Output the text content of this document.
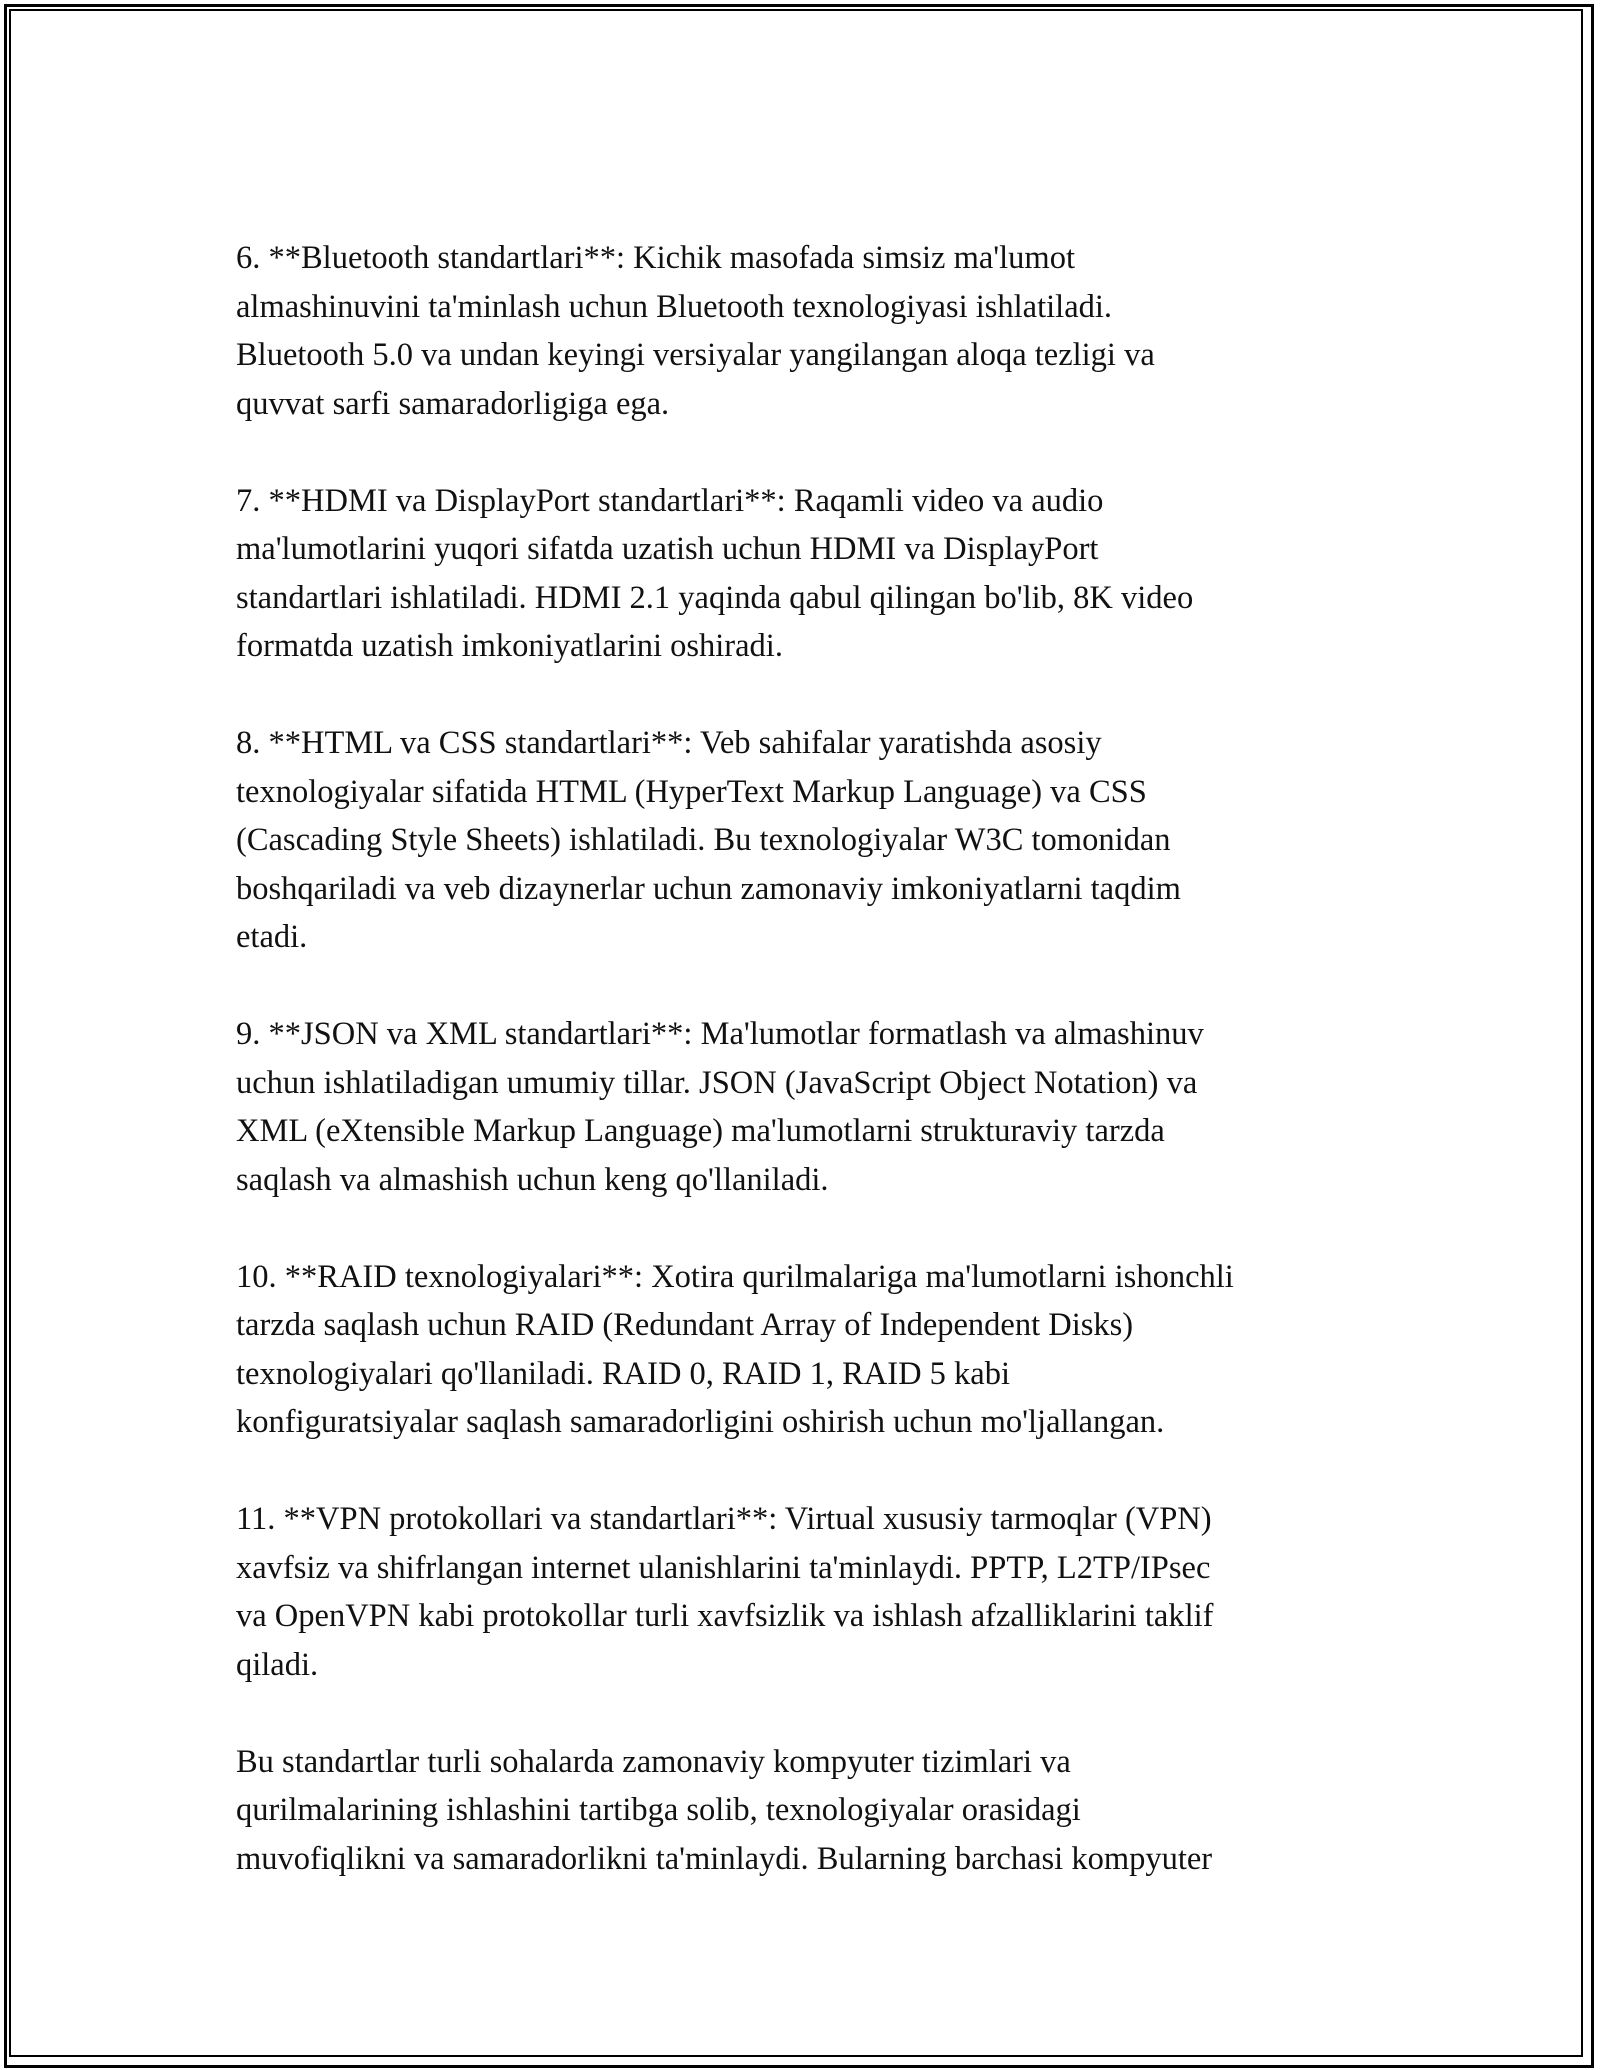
6. **Bluetooth standartlari**: Kichik masofada simsiz ma'lumot
almashinuvini ta'minlash uchun Bluetooth texnologiyasi ishlatiladi.
Bluetooth 5.0 va undan keyingi versiyalar yangilangan aloqa tezligi va
quvvat sarfi samaradorligiga ega.

7. **HDMI va DisplayPort standartlari**: Raqamli video va audio
ma'lumotlarini yuqori sifatda uzatish uchun HDMI va DisplayPort
standartlari ishlatiladi. HDMI 2.1 yaqinda qabul qilingan bo'lib, 8K video
formatda uzatish imkoniyatlarini oshiradi.

8. **HTML va CSS standartlari**: Veb sahifalar yaratishda asosiy
texnologiyalar sifatida HTML (HyperText Markup Language) va CSS
(Cascading Style Sheets) ishlatiladi. Bu texnologiyalar W3C tomonidan
boshqariladi va veb dizaynerlar uchun zamonaviy imkoniyatlarni taqdim
etadi.

9. **JSON va XML standartlari**: Ma'lumotlar formatlash va almashinuv
uchun ishlatiladigan umumiy tillar. JSON (JavaScript Object Notation) va
XML (eXtensible Markup Language) ma'lumotlarni strukturaviy tarzda
saqlash va almashish uchun keng qo'llaniladi.

10. **RAID texnologiyalari**: Xotira qurilmalariga ma'lumotlarni ishonchli
tarzda saqlash uchun RAID (Redundant Array of Independent Disks)
texnologiyalari qo'llaniladi. RAID 0, RAID 1, RAID 5 kabi
konfiguratsiyalar saqlash samaradorligini oshirish uchun mo'ljallangan.

11. **VPN protokollari va standartlari**: Virtual xususiy tarmoqlar (VPN)
xavfsiz va shifrlangan internet ulanishlarini ta'minlaydi. PPTP, L2TP/IPsec
va OpenVPN kabi protokollar turli xavfsizlik va ishlash afzalliklarini taklif
qiladi.

Bu standartlar turli sohalarda zamonaviy kompyuter tizimlari va
qurilmalarining ishlashini tartibga solib, texnologiyalar orasidagi
muvofiqlikni va samaradorlikni ta'minlaydi. Bularning barchasi kompyuter
